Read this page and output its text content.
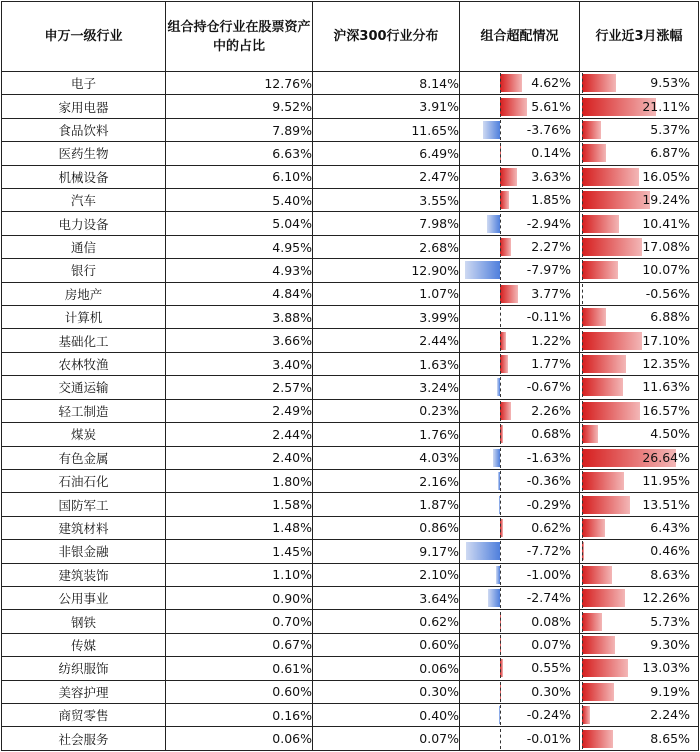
申万一级行业	组合持仓行业在股票资产中的占比	沪深300行业分布	组合超配情况	行业近3月涨幅
电子	12.76%	8.14%	4.62%	9.53%

家用电器	9.52%	3.91%	5.61%	21.11%

食品饮料	7.89%	11.65%	-3.76%	5.37%

医药生物	6.63%	6.49%	0.14%	6.87%

机械设备	6.10%	2.47%	3.63%	16.05%

汽车	5.40%	3.55%	1.85%	19.24%

电力设备	5.04%	7.98%	-2.94%	10.41%

通信	4.95%	2.68%	2.27%	17.08%

银行	4.93%	12.90%	-7.97%	10.07%

房地产	4.84%	1.07%	3.77%	-0.56%

计算机	3.88%	3.99%	-0.11%	6.88%

基础化工	3.66%	2.44%	1.22%	17.10%

农林牧渔	3.40%	1.63%	1.77%	12.35%

交通运输	2.57%	3.24%	-0.67%	11.63%

轻工制造	2.49%	0.23%	2.26%	16.57%

煤炭	2.44%	1.76%	0.68%	4.50%

有色金属	2.40%	4.03%	-1.63%	26.64%

石油石化	1.80%	2.16%	-0.36%	11.95%

国防军工	1.58%	1.87%	-0.29%	13.51%

建筑材料	1.48%	0.86%	0.62%	6.43%

非银金融	1.45%	9.17%	-7.72%	0.46%

建筑装饰	1.10%	2.10%	-1.00%	8.63%

公用事业	0.90%	3.64%	-2.74%	12.26%

钢铁	0.70%	0.62%	0.08%	5.73%

传媒	0.67%	0.60%	0.07%	9.30%

纺织服饰	0.61%	0.06%	0.55%	13.03%

美容护理	0.60%	0.30%	0.30%	9.19%

商贸零售	0.16%	0.40%	-0.24%	2.24%

社会服务	0.06%	0.07%	-0.01%	8.65%
